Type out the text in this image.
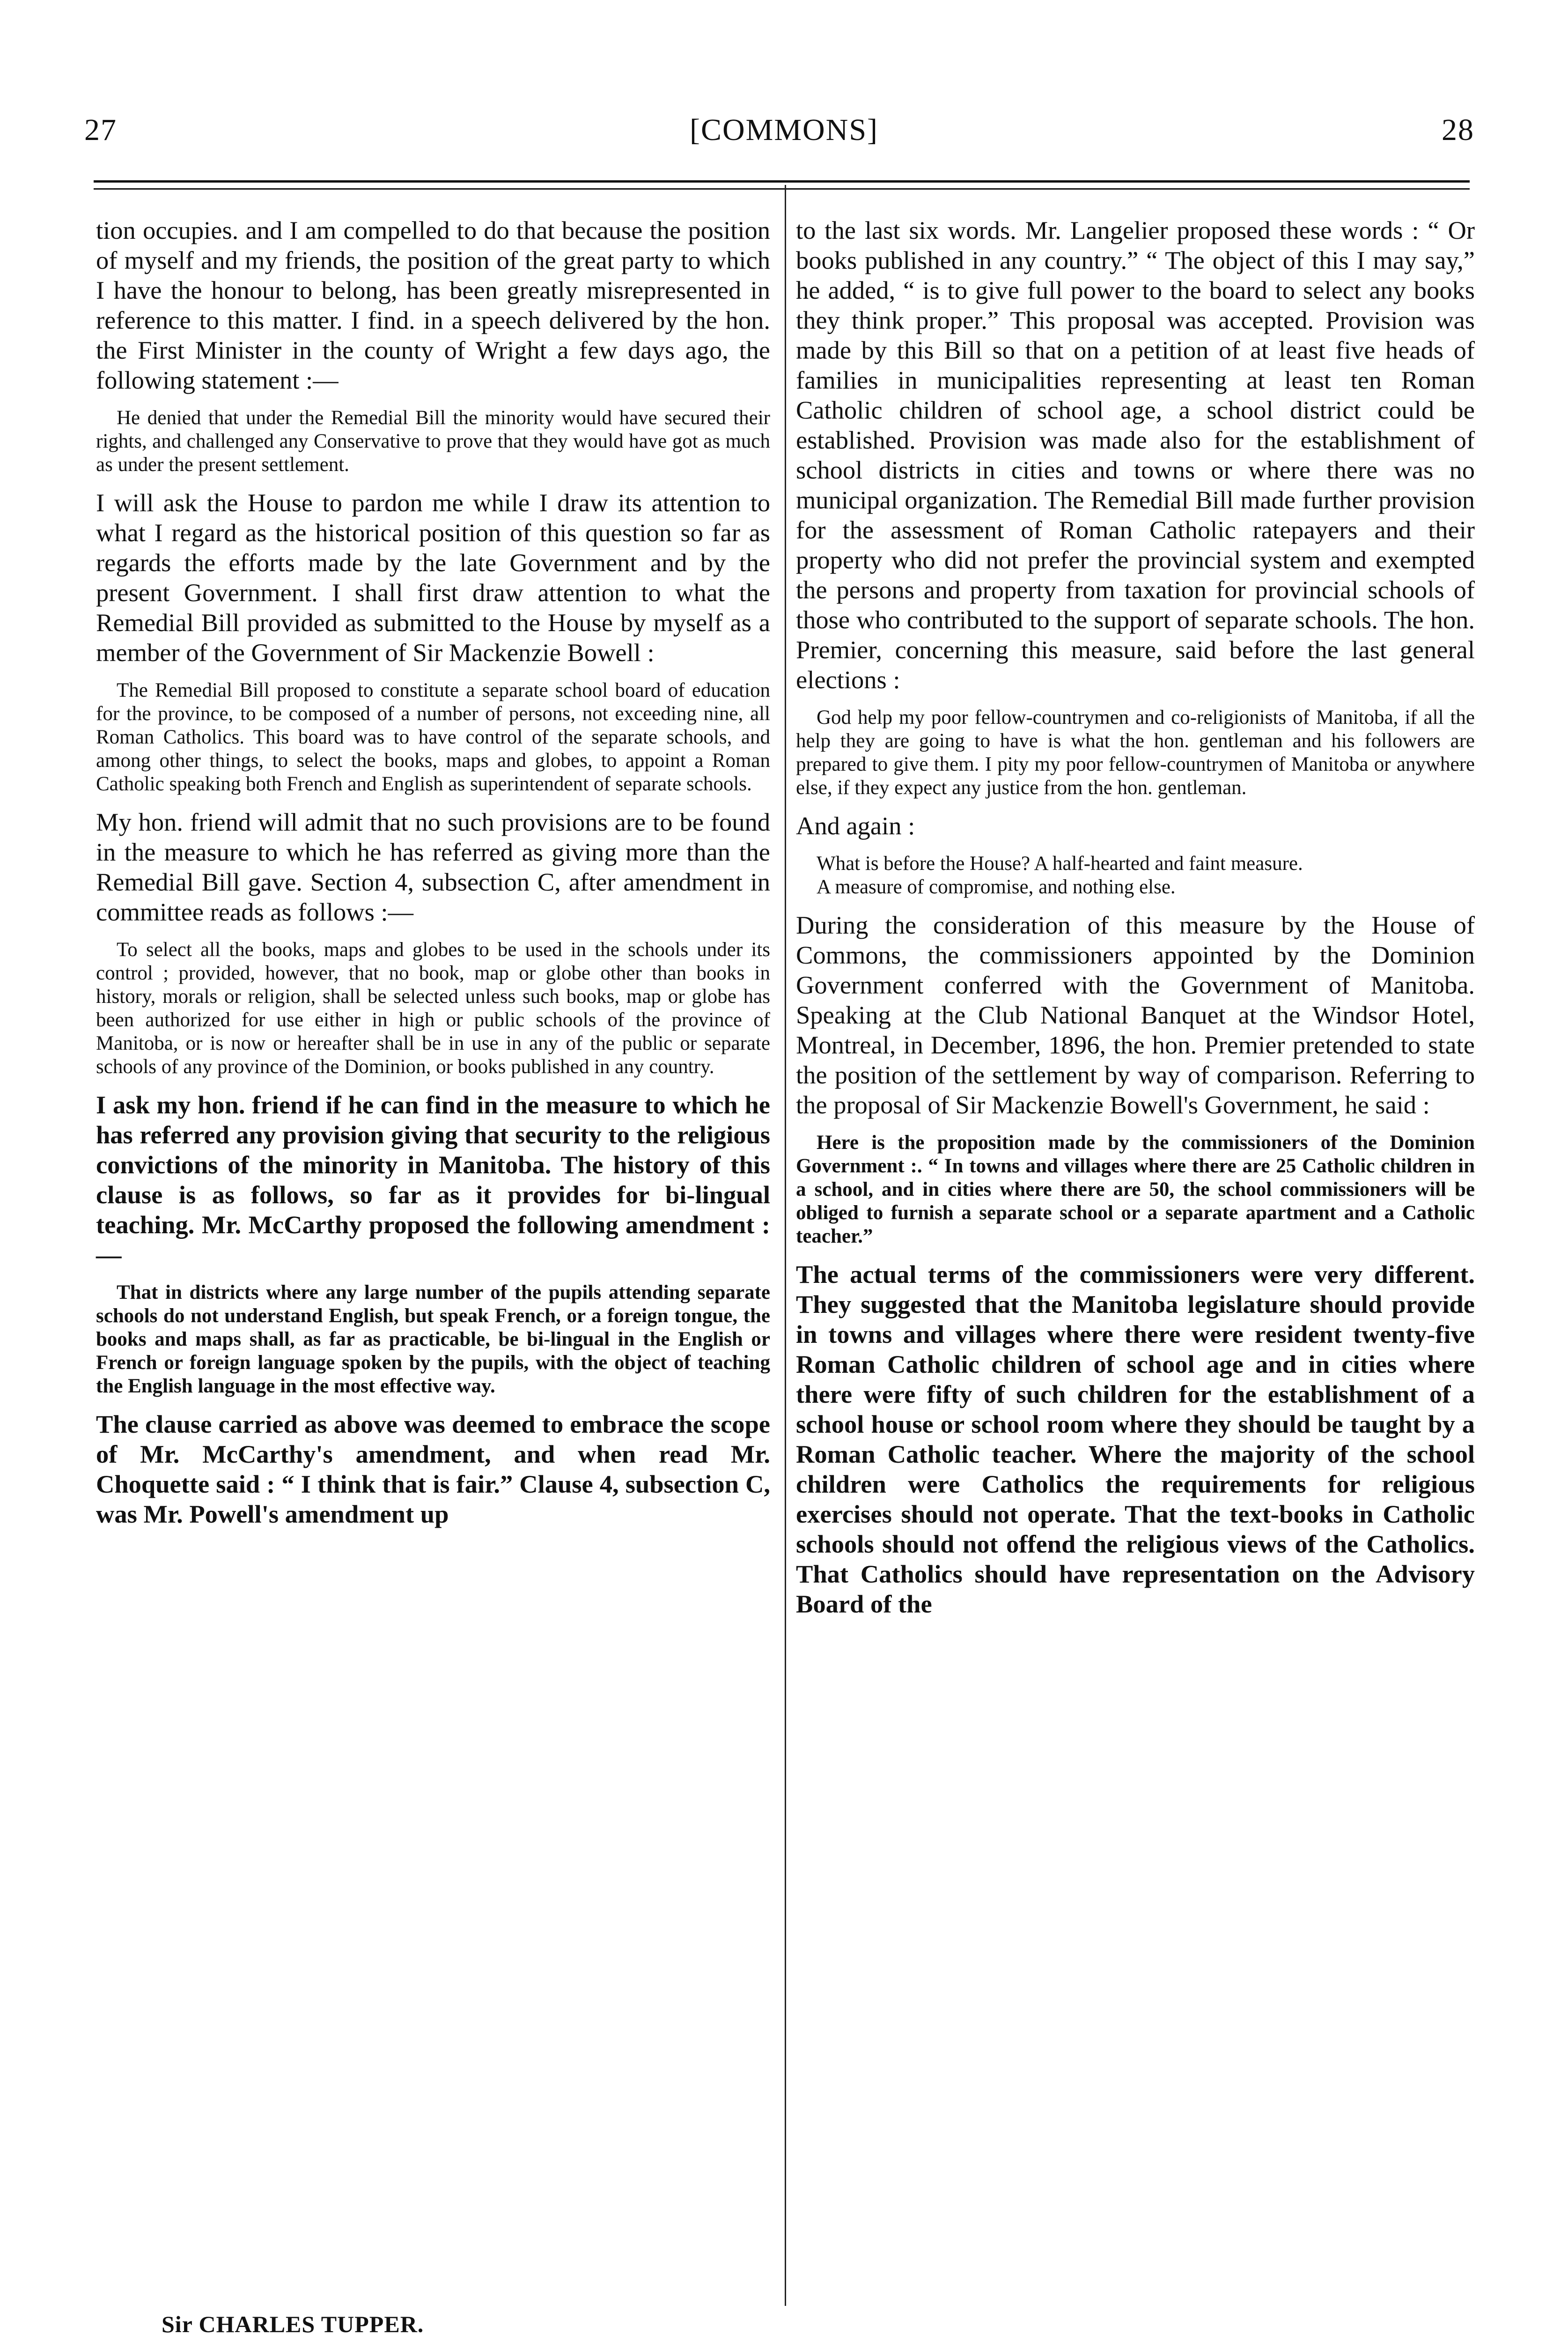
27	[COMMONS]	28

tion occupies. and I am compelled to do that because the position of myself and my friends, the position of the great party to which I have the honour to belong, has been greatly misrepresented in reference to this matter. I find. in a speech delivered by the hon. the First Minister in the county of Wright a few days ago, the following statement :—

He denied that under the Remedial Bill the minority would have secured their rights, and challenged any Conservative to prove that they would have got as much as under the present settlement.

I will ask the House to pardon me while I draw its attention to what I regard as the historical position of this question so far as regards the efforts made by the late Government and by the present Government. I shall first draw attention to what the Remedial Bill provided as submitted to the House by myself as a member of the Government of Sir Mackenzie Bowell :

The Remedial Bill proposed to constitute a separate school board of education for the province, to be composed of a number of persons, not exceeding nine, all Roman Catholics. This board was to have control of the separate schools, and among other things, to select the books, maps and globes, to appoint a Roman Catholic speaking both French and English as superintendent of separate schools.

My hon. friend will admit that no such provisions are to be found in the measure to which he has referred as giving more than the Remedial Bill gave. Section 4, subsection C, after amendment in committee reads as follows :—

To select all the books, maps and globes to be used in the schools under its control ; provided, however, that no book, map or globe other than books in history, morals or religion, shall be selected unless such books, map or globe has been authorized for use either in high or public schools of the province of Manitoba, or is now or hereafter shall be in use in any of the public or separate schools of any province of the Dominion, or books published in any country.

I ask my hon. friend if he can find in the measure to which he has referred any provision giving that security to the religious convictions of the minority in Manitoba. The history of this clause is as follows, so far as it provides for bi-lingual teaching. Mr. McCarthy proposed the following amendment :—

That in districts where any large number of the pupils attending separate schools do not understand English, but speak French, or a foreign tongue, the books and maps shall, as far as practicable, be bi-lingual in the English or French or foreign language spoken by the pupils, with the object of teaching the English language in the most effective way.

The clause carried as above was deemed to embrace the scope of Mr. McCarthy's amendment, and when read Mr. Choquette said : “ I think that is fair.” Clause 4, subsection C, was Mr. Powell's amendment up

to the last six words. Mr. Langelier proposed these words : “ Or books published in any country.” “ The object of this I may say,” he added, “ is to give full power to the board to select any books they think proper.” This proposal was accepted. Provision was made by this Bill so that on a petition of at least five heads of families in municipalities representing at least ten Roman Catholic children of school age, a school district could be established. Provision was made also for the establishment of school districts in cities and towns or where there was no municipal organization. The Remedial Bill made further provision for the assessment of Roman Catholic ratepayers and their property who did not prefer the provincial system and exempted the persons and property from taxation for provincial schools of those who contributed to the support of separate schools. The hon. Premier, concerning this measure, said before the last general elections :

God help my poor fellow-countrymen and co-religionists of Manitoba, if all the help they are going to have is what the hon. gentleman and his followers are prepared to give them. I pity my poor fellow-countrymen of Manitoba or anywhere else, if they expect any justice from the hon. gentleman.

And again :

What is before the House? A half-hearted and faint measure.

A measure of compromise, and nothing else.

During the consideration of this measure by the House of Commons, the commissioners appointed by the Dominion Government conferred with the Government of Manitoba. Speaking at the Club National Banquet at the Windsor Hotel, Montreal, in December, 1896, the hon. Premier pretended to state the position of the settlement by way of comparison. Referring to the proposal of Sir Mackenzie Bowell's Government, he said :

Here is the proposition made by the commissioners of the Dominion Government :. “ In towns and villages where there are 25 Catholic children in a school, and in cities where there are 50, the school commissioners will be obliged to furnish a separate school or a separate apartment and a Catholic teacher.”

The actual terms of the commissioners were very different. They suggested that the Manitoba legislature should provide in towns and villages where there were resident twenty-five Roman Catholic children of school age and in cities where there were fifty of such children for the establishment of a school house or school room where they should be taught by a Roman Catholic teacher. Where the majority of the school children were Catholics the requirements for religious exercises should not operate. That the text-books in Catholic schools should not offend the religious views of the Catholics. That Catholics should have representation on the Advisory Board of the

Sir CHARLES TUPPER.
